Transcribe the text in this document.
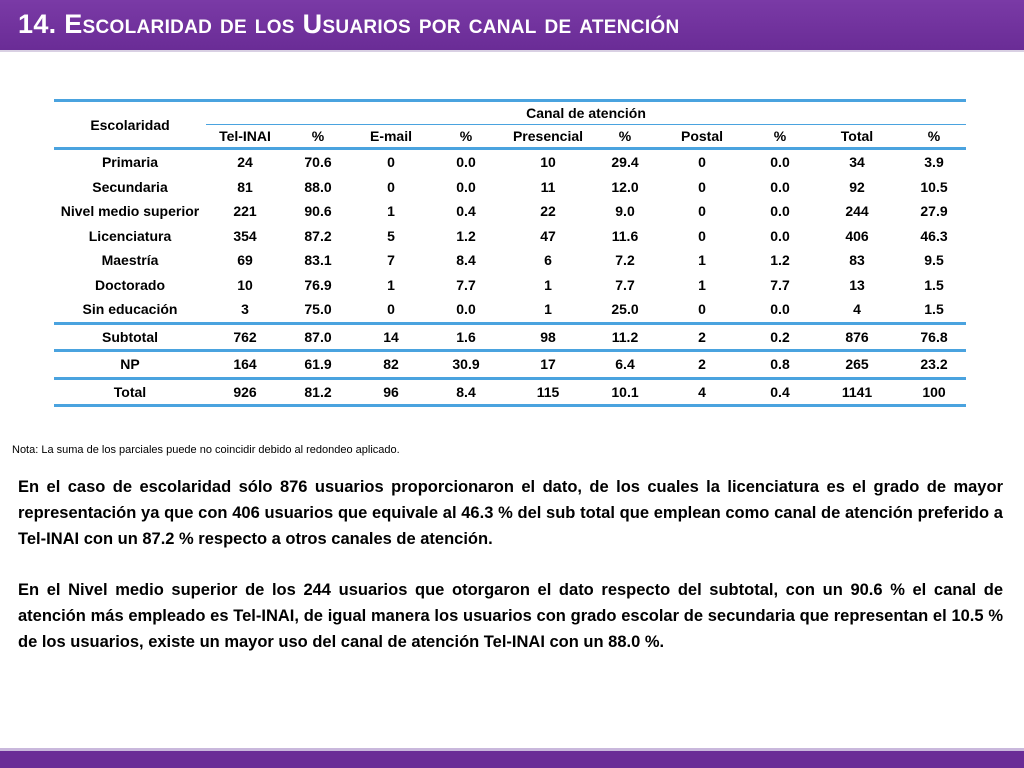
14. Escolaridad de los Usuarios por canal de atención
Escolaridad	Canal de atención									
	Tel-INAI	%	E-mail	%	Presencial	%	Postal	%	Total	%
Primaria	24	70.6	0	0.0	10	29.4	0	0.0	34	3.9
Secundaria	81	88.0	0	0.0	11	12.0	0	0.0	92	10.5
Nivel medio superior	221	90.6	1	0.4	22	9.0	0	0.0	244	27.9
Licenciatura	354	87.2	5	1.2	47	11.6	0	0.0	406	46.3
Maestría	69	83.1	7	8.4	6	7.2	1	1.2	83	9.5
Doctorado	10	76.9	1	7.7	1	7.7	1	7.7	13	1.5
Sin educación	3	75.0	0	0.0	1	25.0	0	0.0	4	1.5
Subtotal	762	87.0	14	1.6	98	11.2	2	0.2	876	76.8
NP	164	61.9	82	30.9	17	6.4	2	0.8	265	23.2
Total	926	81.2	96	8.4	115	10.1	4	0.4	1141	100
Nota: La suma de los parciales puede no coincidir debido al redondeo aplicado.

En el caso de escolaridad sólo 876 usuarios proporcionaron el dato, de los cuales la licenciatura es el grado de mayor representación ya que con 406 usuarios que equivale al 46.3 % del sub total que emplean como canal de atención preferido a Tel-INAI con un 87.2 % respecto a otros canales de atención.

En el Nivel medio superior de los 244 usuarios que otorgaron el dato respecto del subtotal, con un 90.6 % el canal de atención más empleado es Tel-INAI, de igual manera los usuarios con grado escolar de secundaria que representan el 10.5 % de los usuarios, existe un mayor uso del canal de atención Tel-INAI con un 88.0 %.
